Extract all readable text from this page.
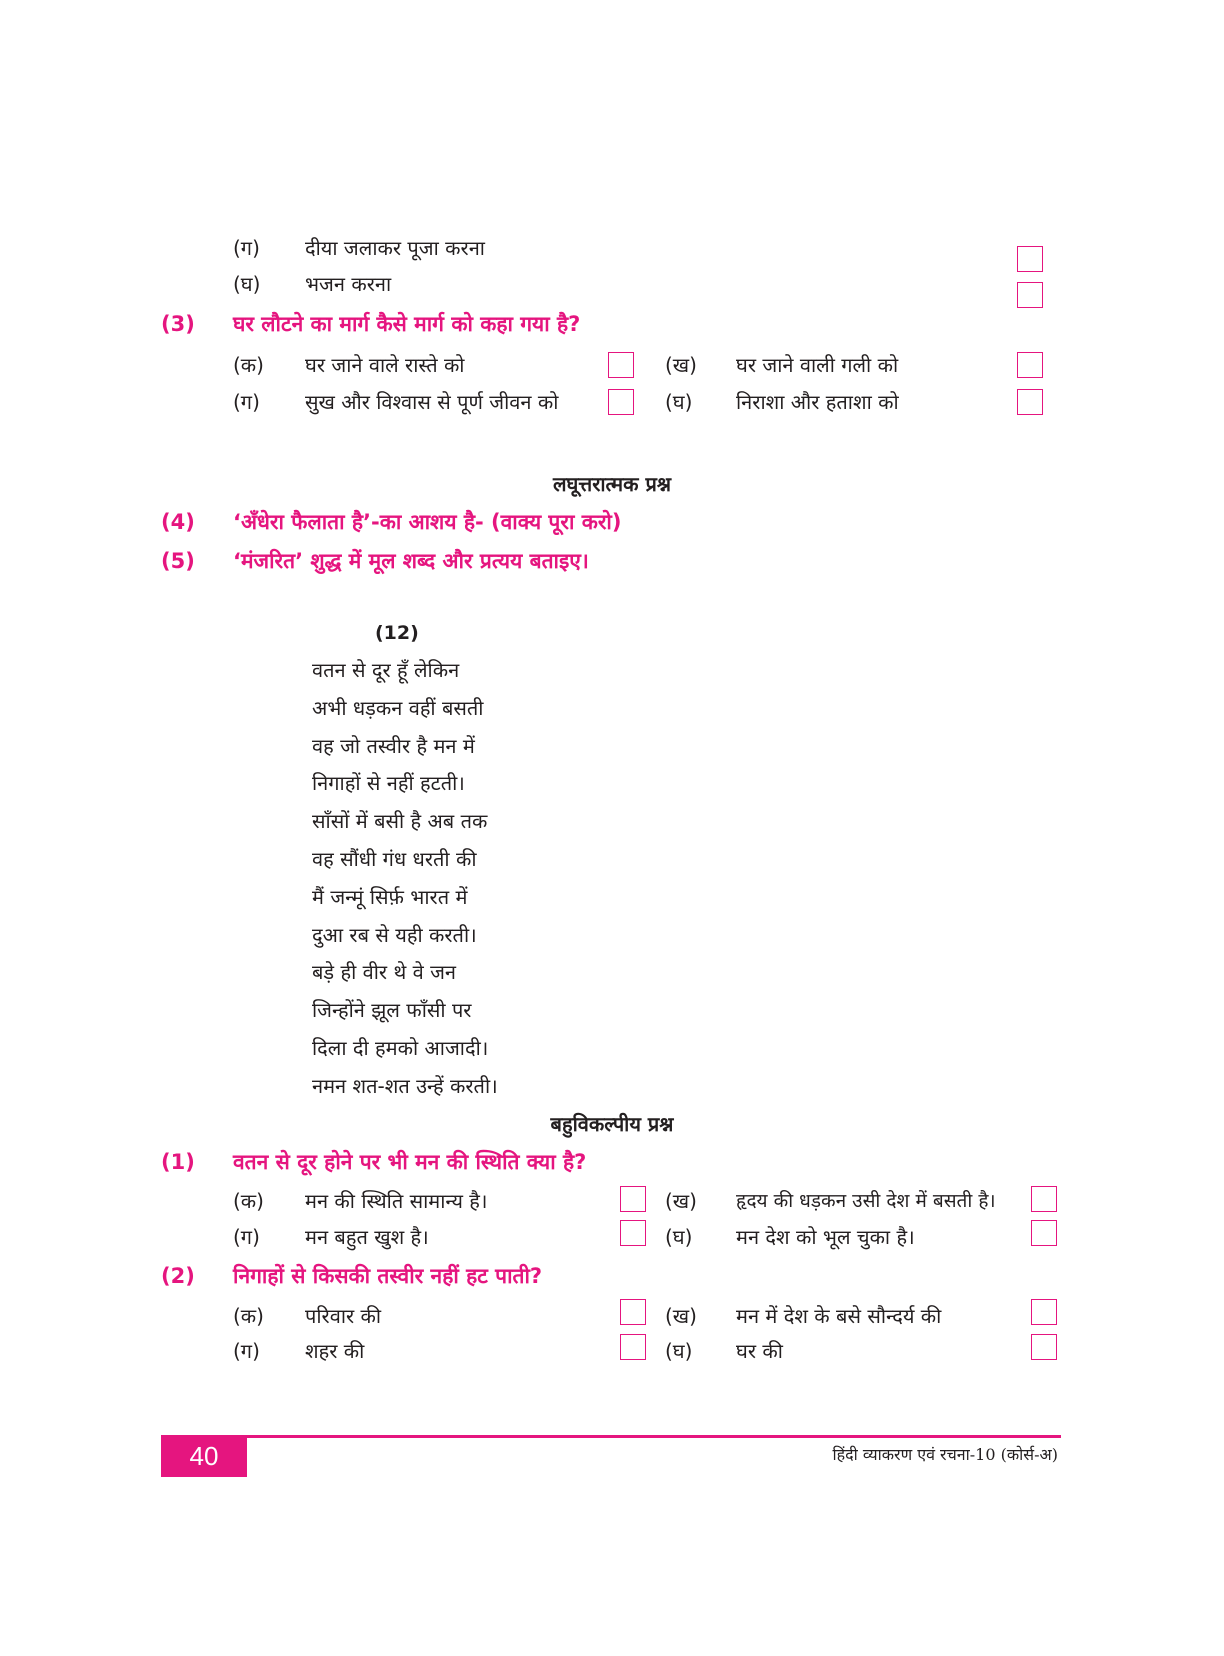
(ग) दीया जलाकर पूजा करना
(घ) भजन करना
(3) घर लौटने का मार्ग कैसे मार्ग को कहा गया है?
(क) घर जाने वाले रास्ते को	(ख) घर जाने वाली गली को
(ग) सुख और विश्वास से पूर्ण जीवन को	(घ) निराशा और हताशा को
लघूत्तरात्मक प्रश्न
(4) ‘अँधेरा फैलाता है’-का आशय है- (वाक्य पूरा करो)
(5) ‘मंजरित’ शुद्ध में मूल शब्द और प्रत्यय बताइए।
(12)
वतन से दूर हूँ लेकिन
अभी धड़कन वहीं बसती
वह जो तस्वीर है मन में
निगाहों से नहीं हटती।
साँसों में बसी है अब तक
वह सौंधी गंध धरती की
मैं जन्मूं सिर्फ़ भारत में
दुआ रब से यही करती।
बड़े ही वीर थे वे जन
जिन्होंने झूल फाँसी पर
दिला दी हमको आजादी।
नमन शत-शत उन्हें करती।
बहुविकल्पीय प्रश्न
(1) वतन से दूर होने पर भी मन की स्थिति क्या है?
(क) मन की स्थिति सामान्य है।	(ख) हृदय की धड़कन उसी देश में बसती है।
(ग) मन बहुत खुश है।	(घ) मन देश को भूल चुका है।
(2) निगाहों से किसकी तस्वीर नहीं हट पाती?
(क) परिवार की	(ख) मन में देश के बसे सौन्दर्य की
(ग) शहर की	(घ) घर की
40	हिंदी व्याकरण एवं रचना-10 (कोर्स-अ)
